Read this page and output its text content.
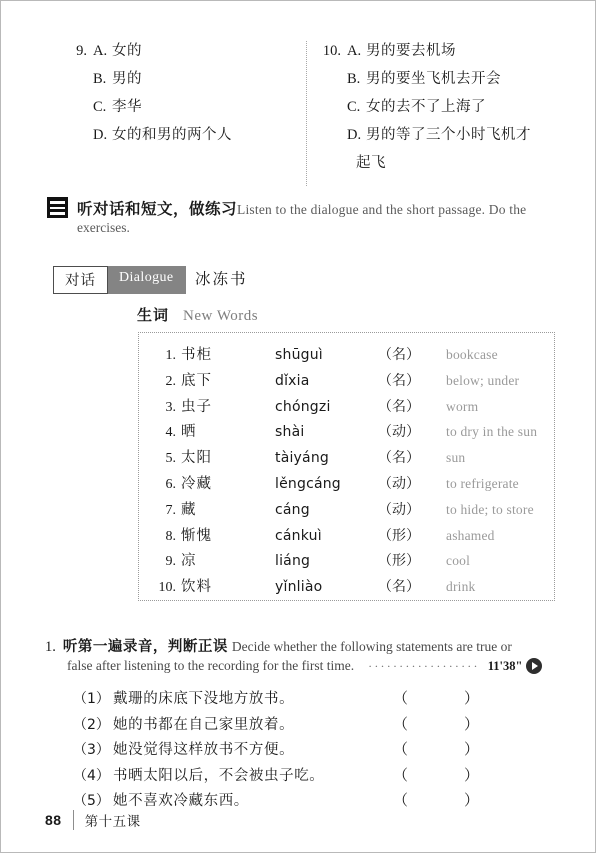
9. A. 女的
B. 男的
C. 李华
D. 女的和男的两个人
10. A. 男的要去机场
B. 男的要坐飞机去开会
C. 女的去不了上海了
D. 男的等了三个小时飞机才
起飞
听对话和短文，做练习Listen to the dialogue and the short passage. Do the
exercises.
对话	Dialogue	冰冻书
生词 New Words
1. 书柜	shūguì	（名）	bookcase
2. 底下	dǐxia	（名）	below; under
3. 虫子	chóngzi	（名）	worm
4. 晒	shài	（动）	to dry in the sun
5. 太阳	tàiyáng	（名）	sun
6. 冷藏	lěngcáng	（动）	to refrigerate
7. 藏	cáng	（动）	to hide; to store
8. 惭愧	cánkuì	（形）	ashamed
9. 凉	liáng	（形）	cool
10. 饮料	yǐnliào	（名）	drink
1. 听第一遍录音，判断正误 Decide whether the following statements are true or
false after listening to the recording for the first time. ·················· 11'38"
（1） 戴珊的床底下没地方放书。	（	）
（2） 她的书都在自己家里放着。	（	）
（3） 她没觉得这样放书不方便。	（	）
（4） 书晒太阳以后，不会被虫子吃。	（	）
（5） 她不喜欢冷藏东西。	（	）
88 第十五课
